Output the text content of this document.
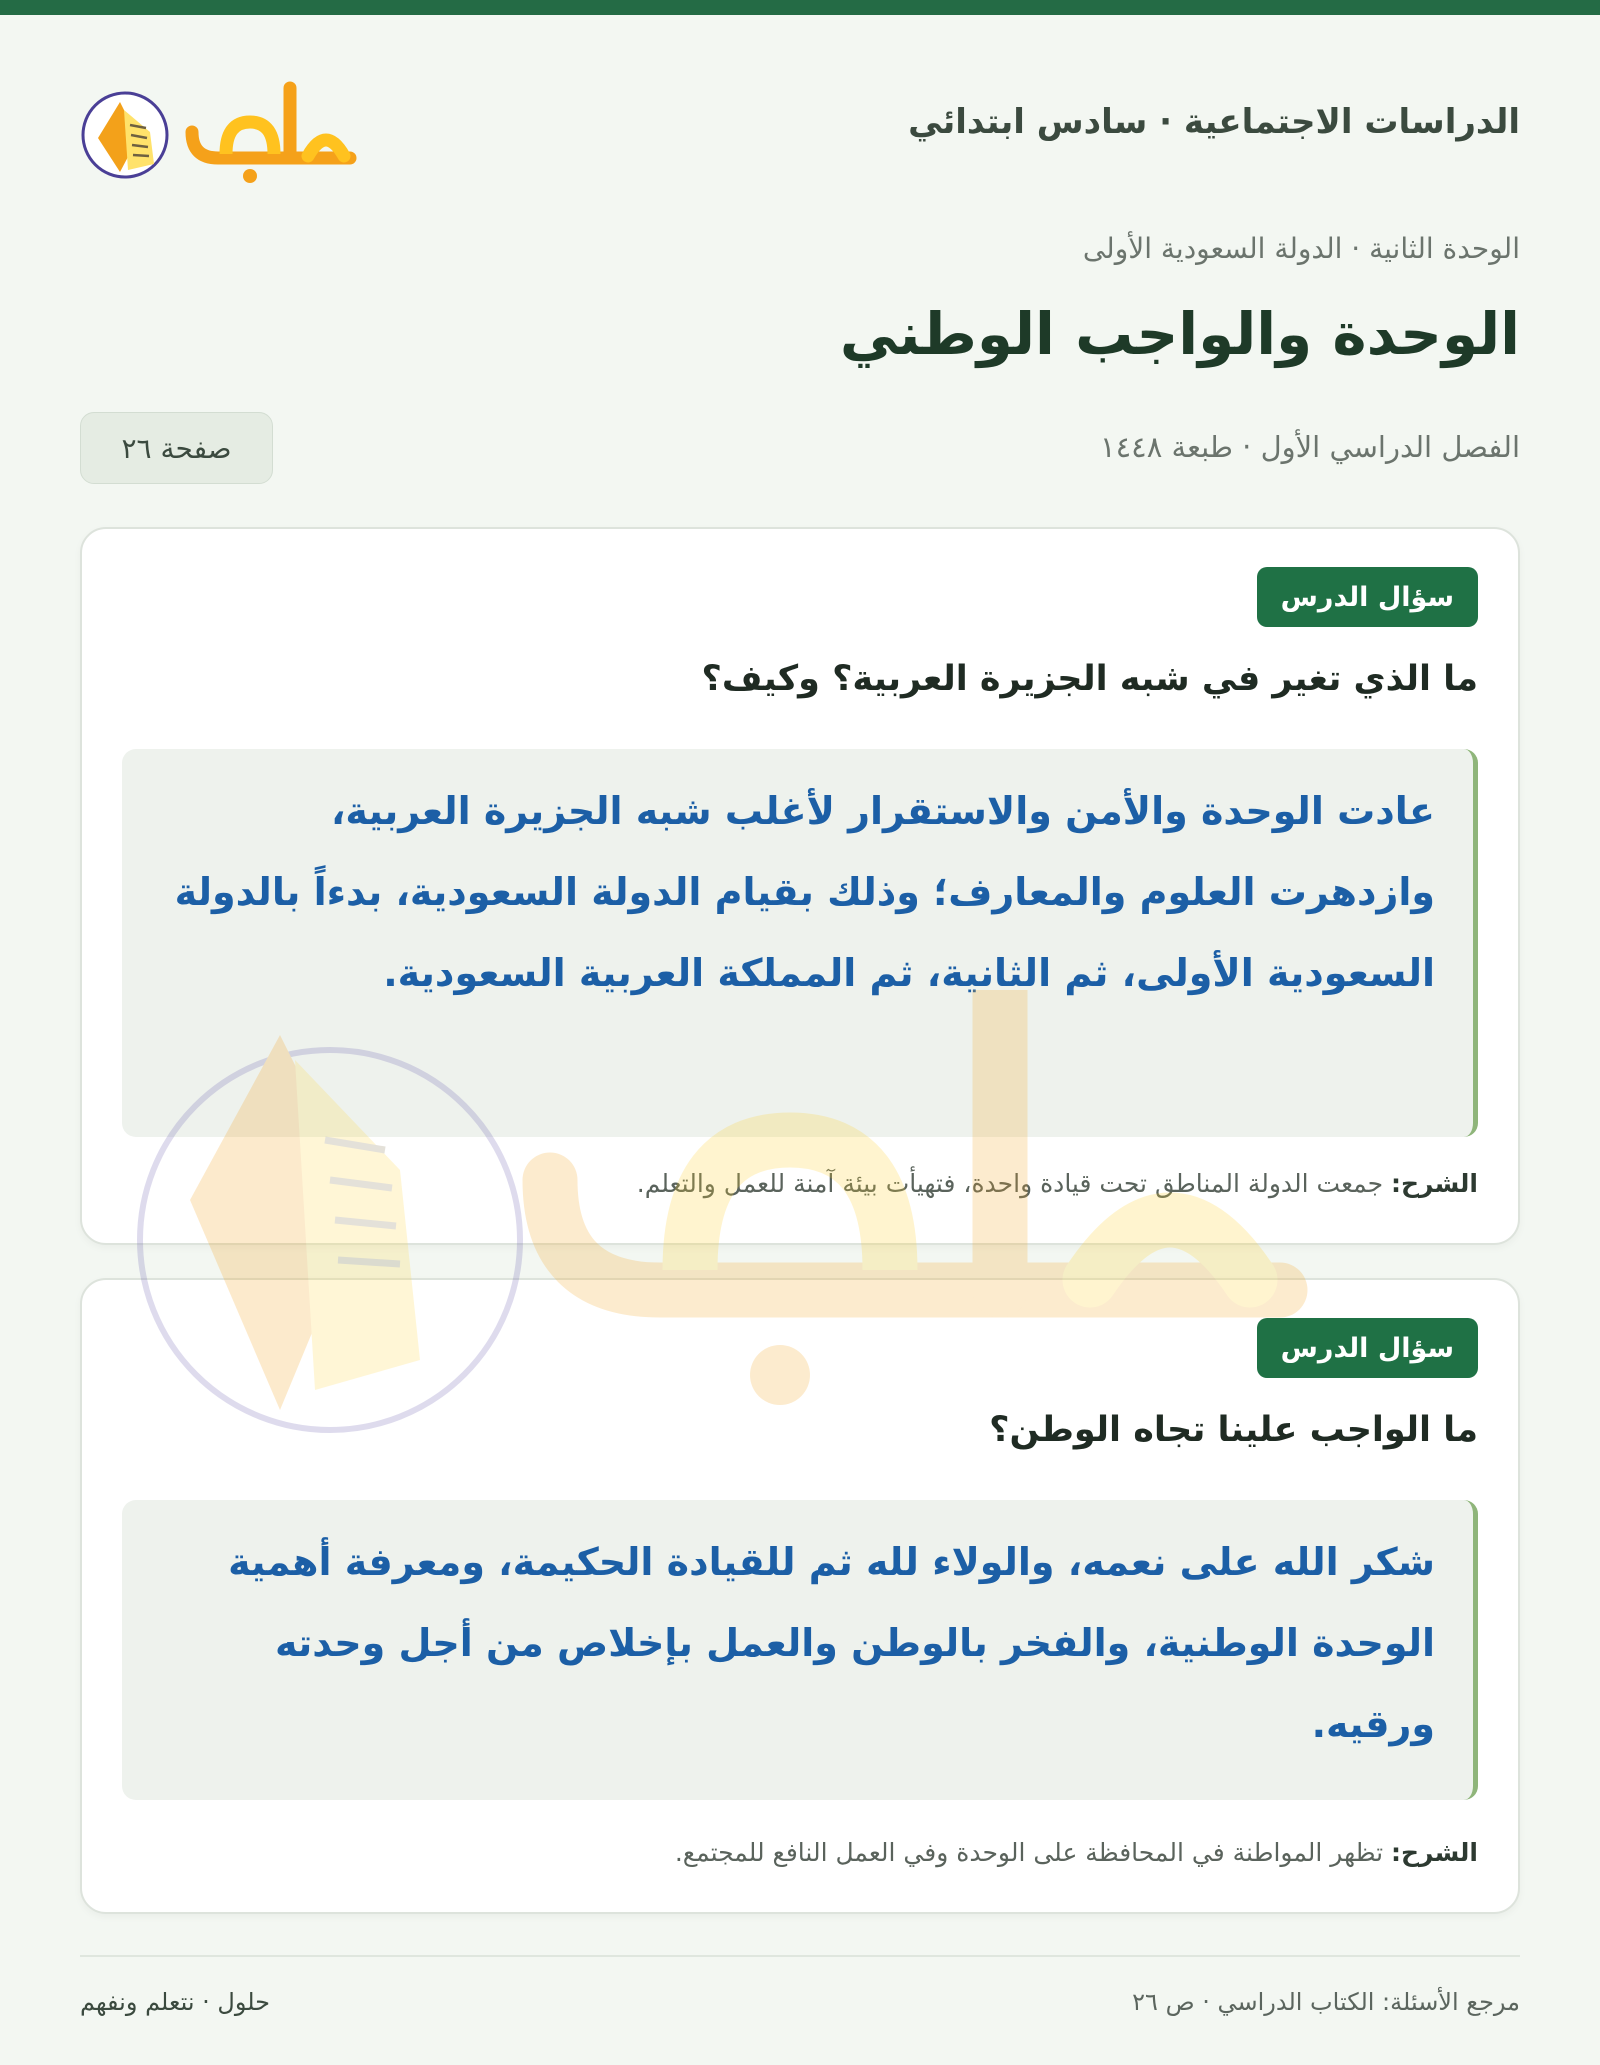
الدراسات الاجتماعية · سادس ابتدائي
الوحدة الثانية · الدولة السعودية الأولى
الوحدة والواجب الوطني
الفصل الدراسي الأول · طبعة ١٤٤٨
صفحة ٢٦
سؤال الدرس
ما الذي تغير في شبه الجزيرة العربية؟ وكيف؟
عادت الوحدة والأمن والاستقرار لأغلب شبه الجزيرة العربية، وازدهرت العلوم والمعارف؛ وذلك بقيام الدولة السعودية، بدءاً بالدولة السعودية الأولى، ثم الثانية، ثم المملكة العربية السعودية.
الشرح: جمعت الدولة المناطق تحت قيادة واحدة، فتهيأت بيئة آمنة للعمل والتعلم.
سؤال الدرس
ما الواجب علينا تجاه الوطن؟
شكر الله على نعمه، والولاء لله ثم للقيادة الحكيمة، ومعرفة أهمية الوحدة الوطنية، والفخر بالوطن والعمل بإخلاص من أجل وحدته ورقيه.
الشرح: تظهر المواطنة في المحافظة على الوحدة وفي العمل النافع للمجتمع.
مرجع الأسئلة: الكتاب الدراسي · ص ٢٦
حلول · نتعلم ونفهم
